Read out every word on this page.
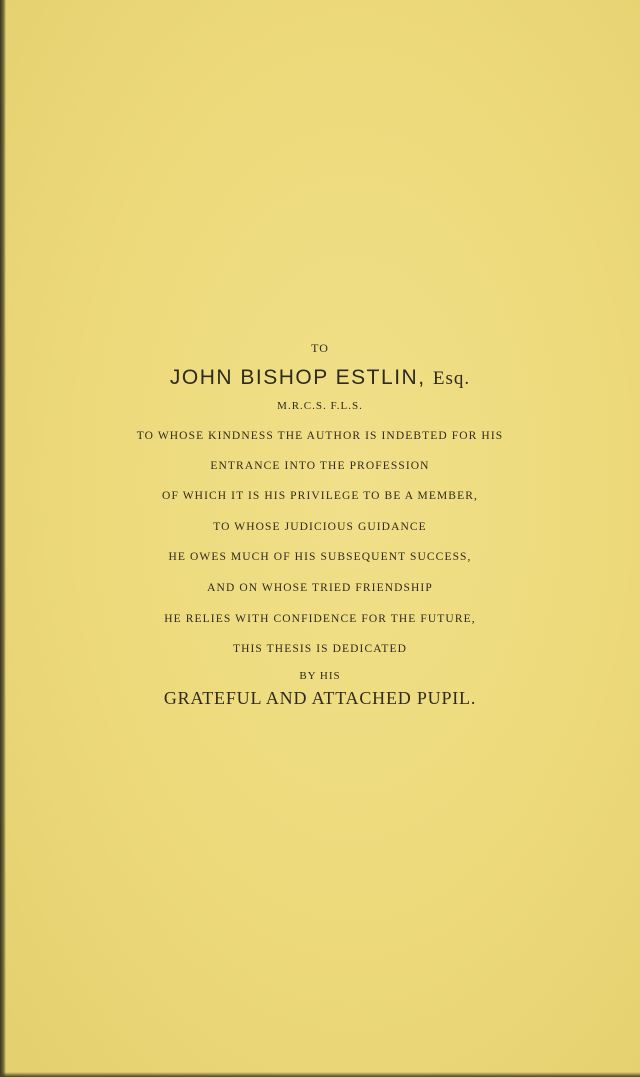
TO
JOHN BISHOP ESTLIN, Esq.
M.R.C.S. F.L.S.
TO WHOSE KINDNESS THE AUTHOR IS INDEBTED FOR HIS
ENTRANCE INTO THE PROFESSION
OF WHICH IT IS HIS PRIVILEGE TO BE A MEMBER,
TO WHOSE JUDICIOUS GUIDANCE
HE OWES MUCH OF HIS SUBSEQUENT SUCCESS,
AND ON WHOSE TRIED FRIENDSHIP
HE RELIES WITH CONFIDENCE FOR THE FUTURE,
THIS THESIS IS DEDICATED
BY HIS
GRATEFUL AND ATTACHED PUPIL.
